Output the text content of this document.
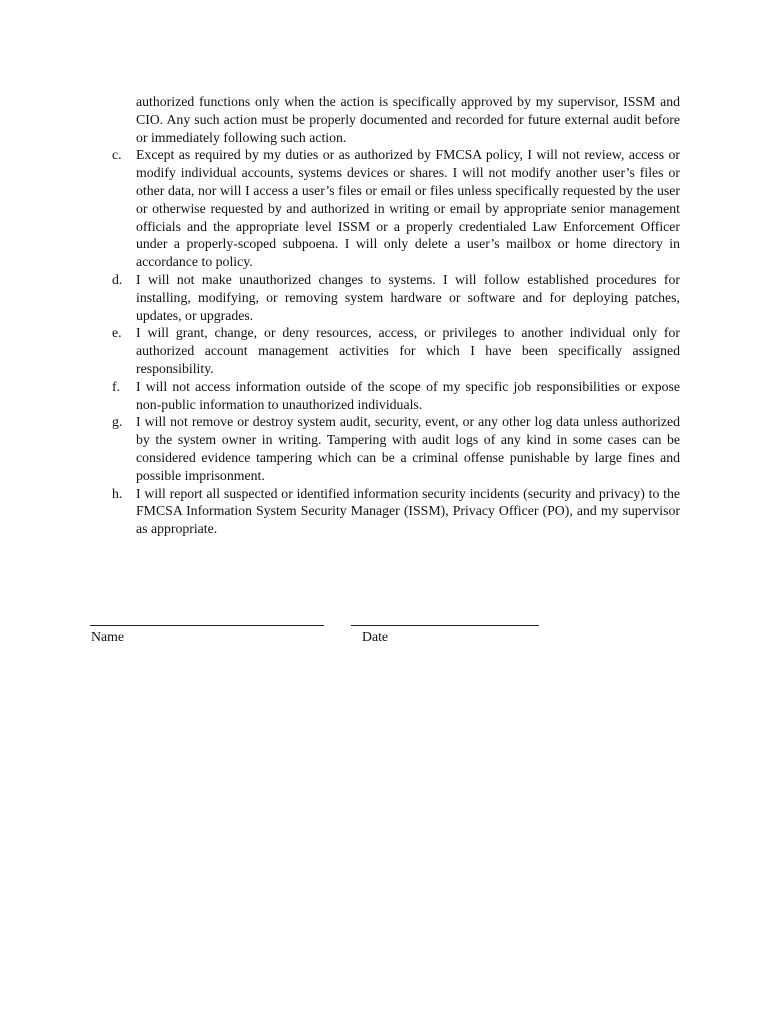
authorized functions only when the action is specifically approved by my supervisor, ISSM and CIO. Any such action must be properly documented and recorded for future external audit before or immediately following such action.
c.	Except as required by my duties or as authorized by FMCSA policy, I will not review, access or modify individual accounts, systems devices or shares. I will not modify another user’s files or other data, nor will I access a user’s files or email or files unless specifically requested by the user or otherwise requested by and authorized in writing or email by appropriate senior management officials and the appropriate level ISSM or a properly credentialed Law Enforcement Officer under a properly-scoped subpoena. I will only delete a user’s mailbox or home directory in accordance to policy.
d. I will not make unauthorized changes to systems. I will follow established procedures for installing, modifying, or removing system hardware or software and for deploying patches, updates, or upgrades.
e.	I will grant, change, or deny resources, access, or privileges to another individual only for authorized account management activities for which I have been specifically assigned responsibility.
f.	I will not access information outside of the scope of my specific job responsibilities or expose non-public information to unauthorized individuals.
g. I will not remove or destroy system audit, security, event, or any other log data unless authorized by the system owner in writing. Tampering with audit logs of any kind in some cases can be considered evidence tampering which can be a criminal offense punishable by large fines and possible imprisonment.
h. I will report all suspected or identified information security incidents (security and privacy) to the FMCSA Information System Security Manager (ISSM), Privacy Officer (PO), and my supervisor as appropriate.
Name	Date
